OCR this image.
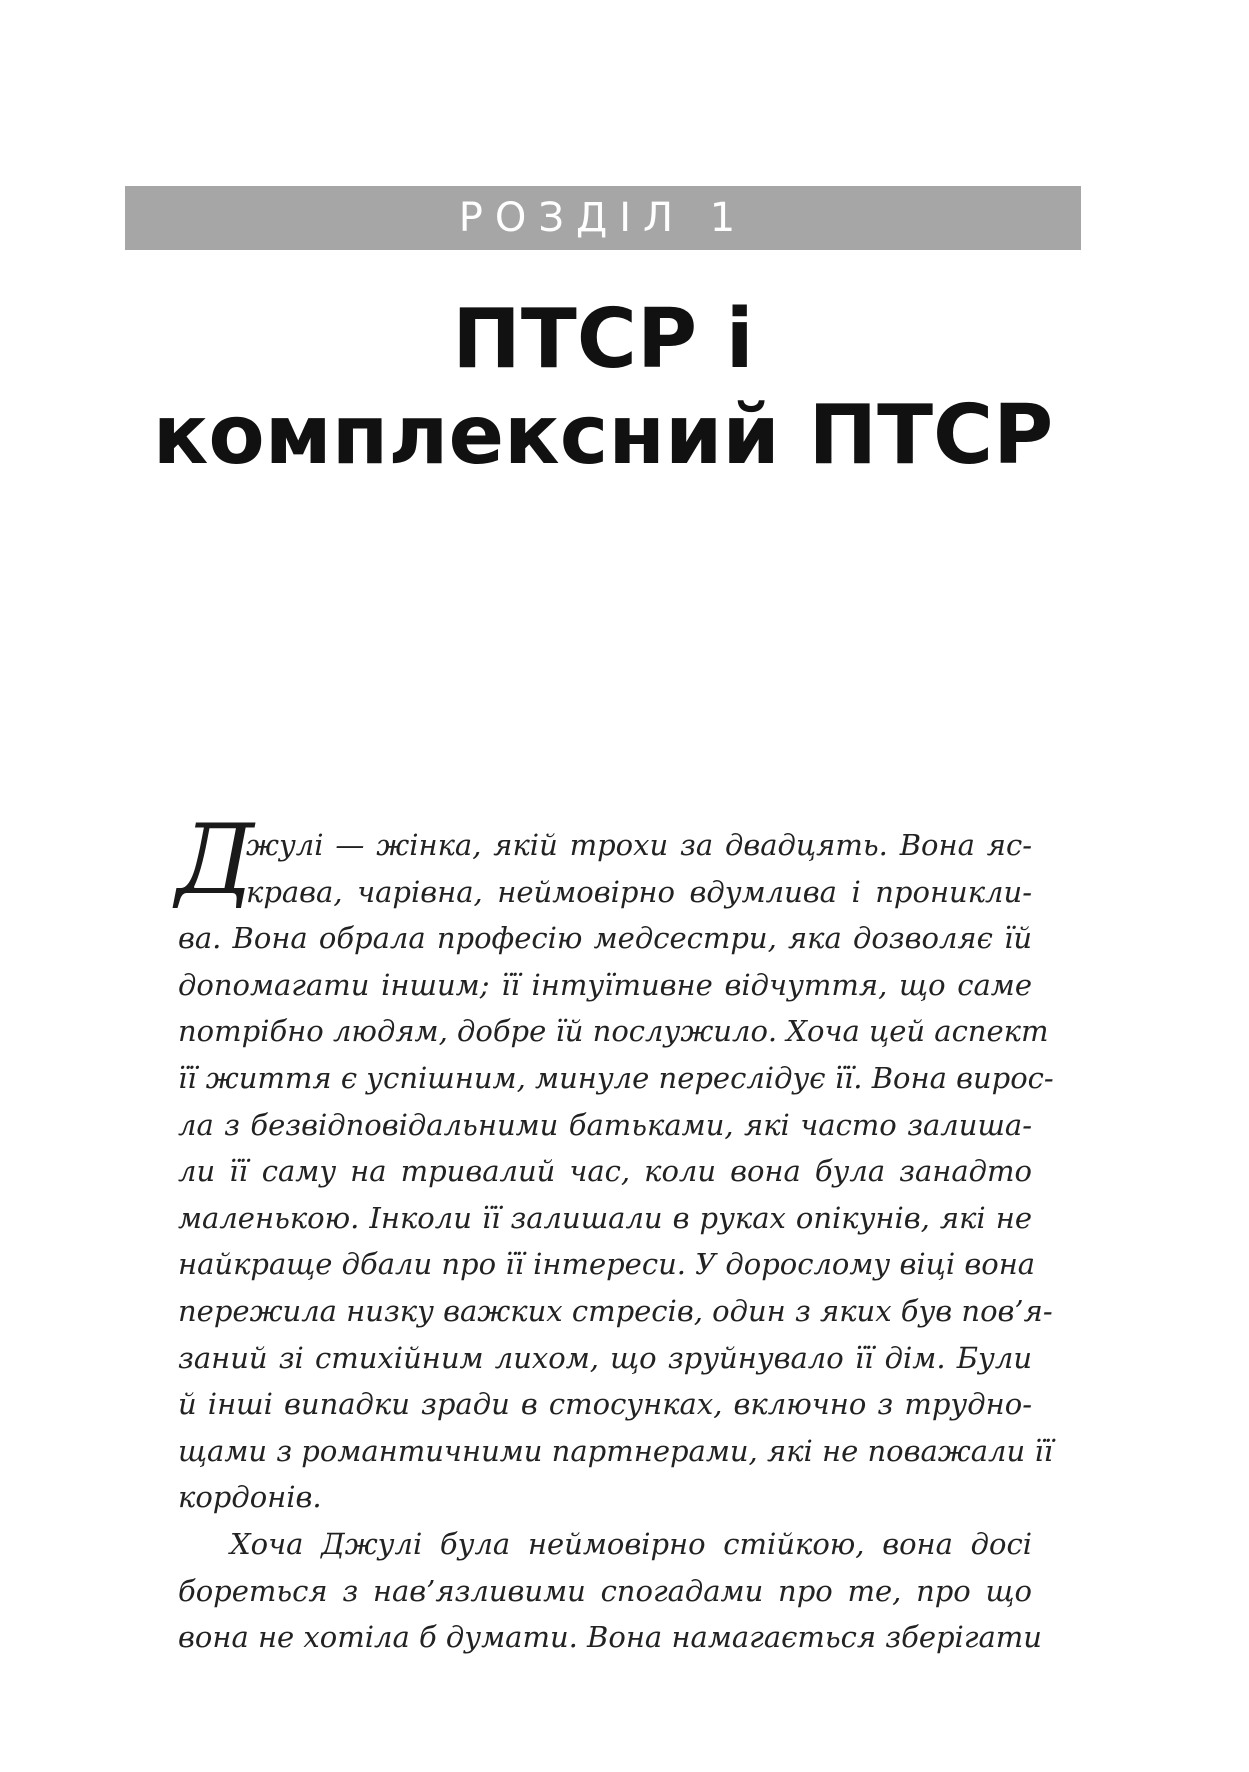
РОЗДІЛ 1
ПТСР і
комплексний ПТСР
Д
жулі — жінка, якій трохи за двадцять. Вона яс-
крава, чарівна, неймовірно вдумлива і проникли-
ва. Вона обрала професію медсестри, яка дозволяє їй
допомагати іншим; її інтуїтивне відчуття, що саме
потрібно людям, добре їй послужило. Хоча цей аспект
її життя є успішним, минуле переслідує її. Вона вирос-
ла з безвідповідальними батьками, які часто залиша-
ли її саму на тривалий час, коли вона була занадто
маленькою. Інколи її залишали в руках опікунів, які не
найкраще дбали про її інтереси. У дорослому віці вона
пережила низку важких стресів, один з яких був пов’я-
заний зі стихійним лихом, що зруйнувало її дім. Були
й інші випадки зради в стосунках, включно з трудно-
щами з романтичними партнерами, які не поважали її
кордонів.
Хоча Джулі була неймовірно стійкою, вона досі
бореться з нав’язливими спогадами про те, про що
вона не хотіла б думати. Вона намагається зберігати
